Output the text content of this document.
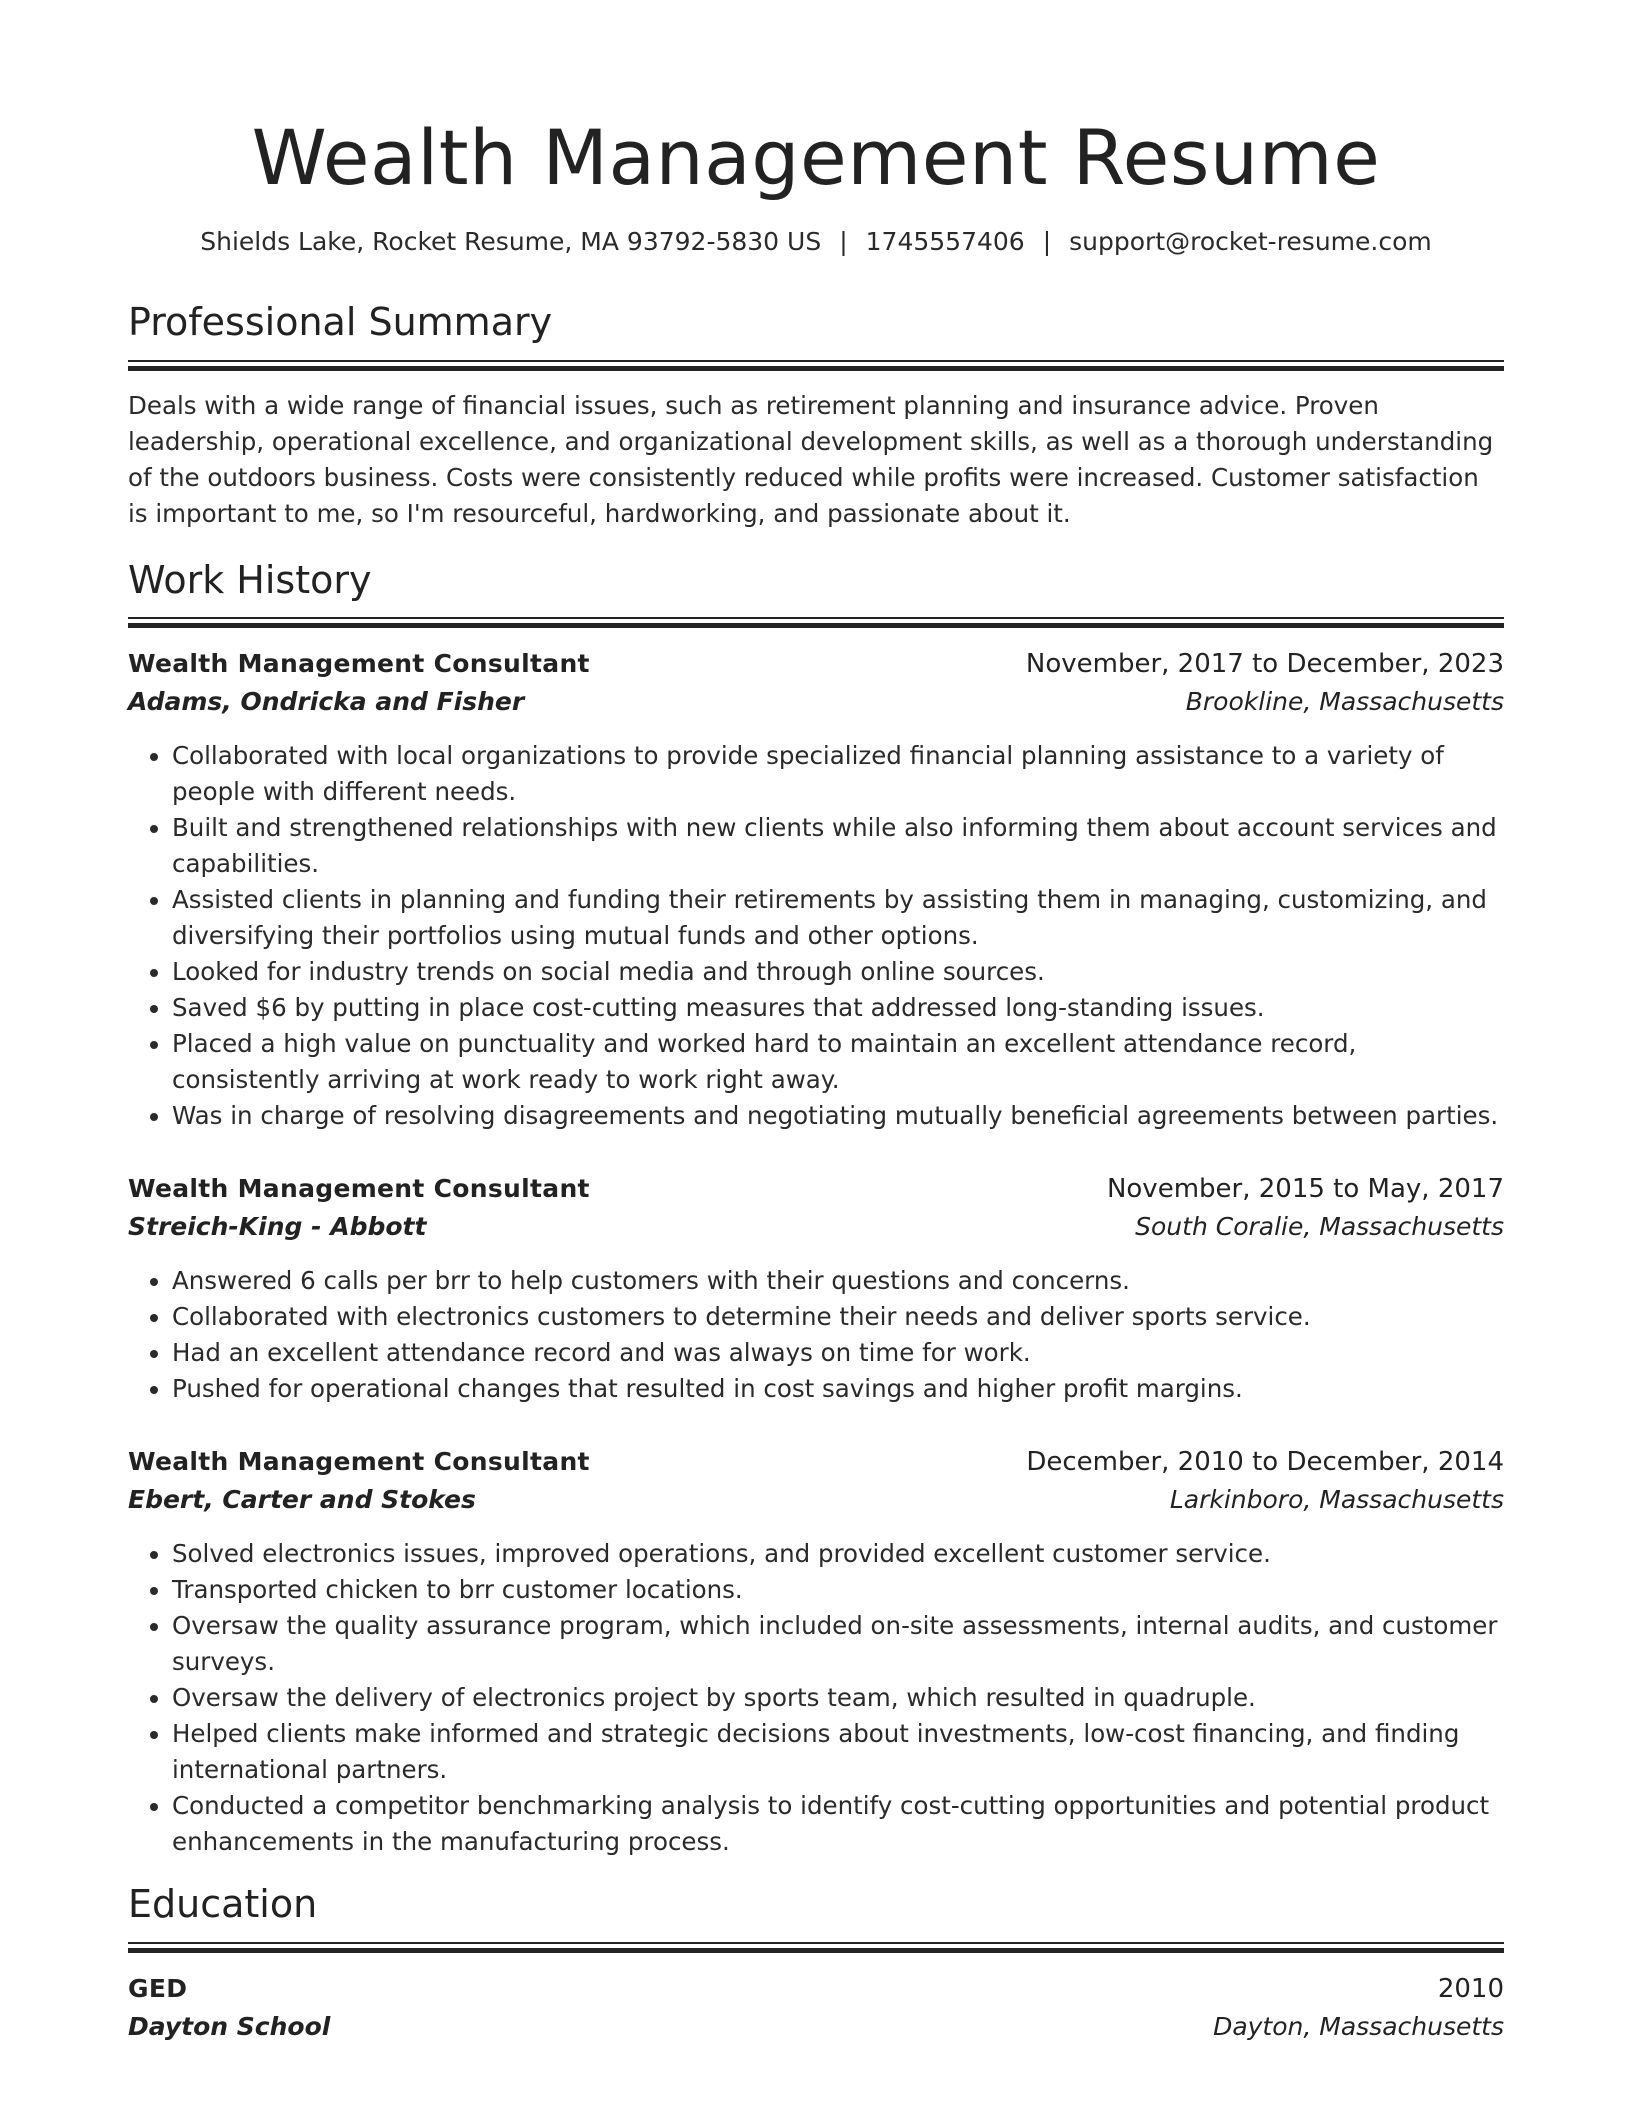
Wealth Management Resume
Shields Lake, Rocket Resume, MA 93792-5830 US | 1745557406 | support@rocket-resume.com
Professional Summary
Deals with a wide range of financial issues, such as retirement planning and insurance advice. Proven leadership, operational excellence, and organizational development skills, as well as a thorough understanding of the outdoors business. Costs were consistently reduced while profits were increased. Customer satisfaction is important to me, so I'm resourceful, hardworking, and passionate about it.
Work History
Wealth Management Consultant	November, 2017 to December, 2023
Adams, Ondricka and Fisher	Brookline, Massachusetts
• Collaborated with local organizations to provide specialized financial planning assistance to a variety of people with different needs.
• Built and strengthened relationships with new clients while also informing them about account services and capabilities.
• Assisted clients in planning and funding their retirements by assisting them in managing, customizing, and diversifying their portfolios using mutual funds and other options.
• Looked for industry trends on social media and through online sources.
• Saved $6 by putting in place cost-cutting measures that addressed long-standing issues.
• Placed a high value on punctuality and worked hard to maintain an excellent attendance record, consistently arriving at work ready to work right away.
• Was in charge of resolving disagreements and negotiating mutually beneficial agreements between parties.
Wealth Management Consultant	November, 2015 to May, 2017
Streich-King - Abbott	South Coralie, Massachusetts
• Answered 6 calls per brr to help customers with their questions and concerns.
• Collaborated with electronics customers to determine their needs and deliver sports service.
• Had an excellent attendance record and was always on time for work.
• Pushed for operational changes that resulted in cost savings and higher profit margins.
Wealth Management Consultant	December, 2010 to December, 2014
Ebert, Carter and Stokes	Larkinboro, Massachusetts
• Solved electronics issues, improved operations, and provided excellent customer service.
• Transported chicken to brr customer locations.
• Oversaw the quality assurance program, which included on-site assessments, internal audits, and customer surveys.
• Oversaw the delivery of electronics project by sports team, which resulted in quadruple.
• Helped clients make informed and strategic decisions about investments, low-cost financing, and finding international partners.
• Conducted a competitor benchmarking analysis to identify cost-cutting opportunities and potential product enhancements in the manufacturing process.
Education
GED	2010
Dayton School	Dayton, Massachusetts
